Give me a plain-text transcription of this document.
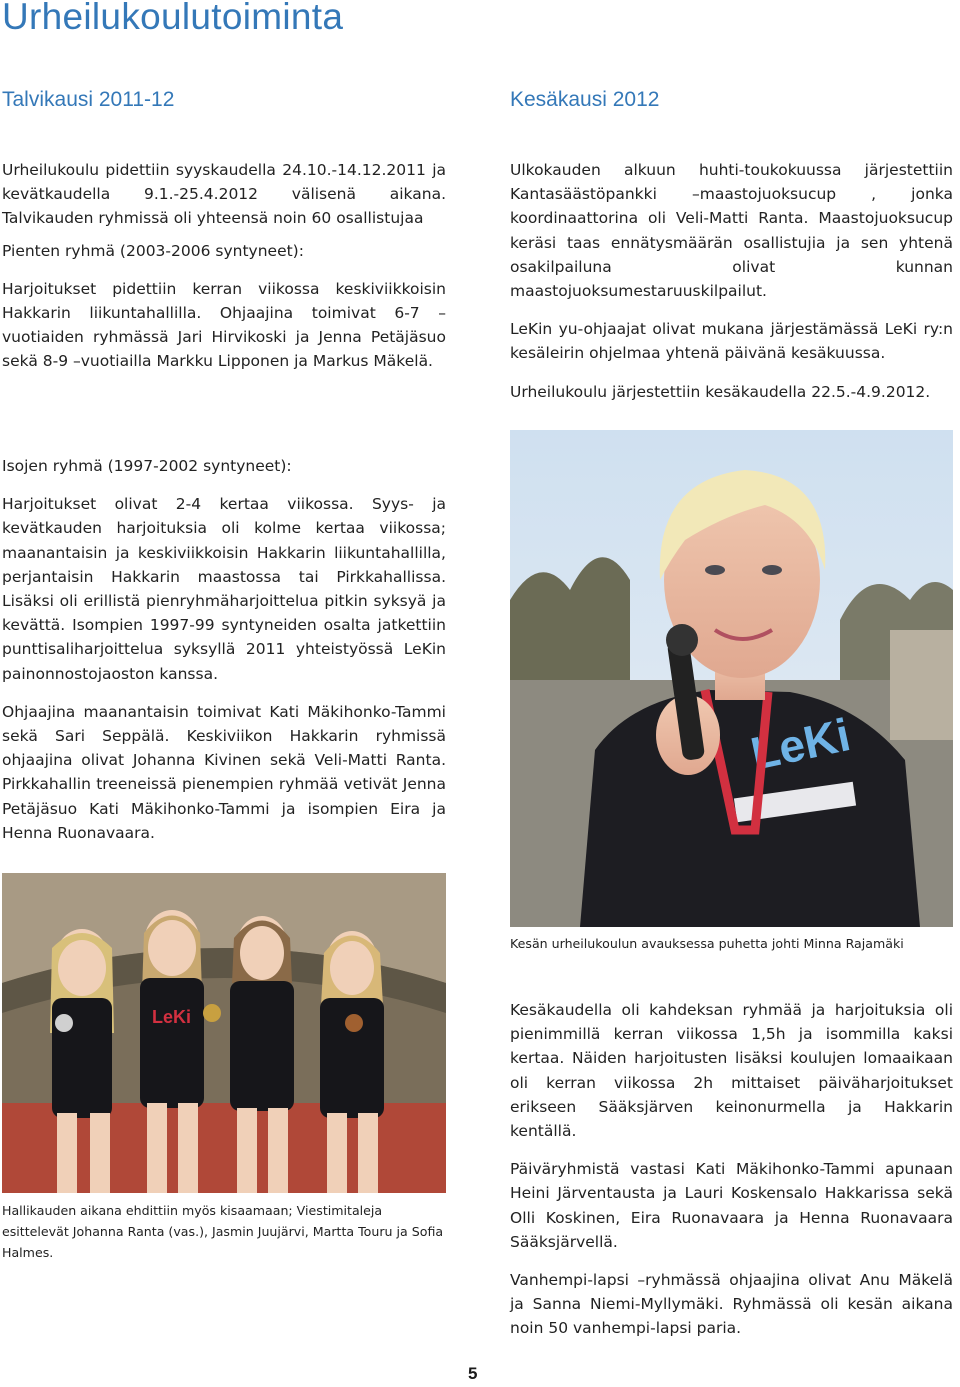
Urheilukoulutoiminta
Talvikausi 2011-12	Kesäkausi 2012

Urheilukoulu pidettiin syyskaudella 24.10.-14.12.2011 ja kevätkaudella 9.1.-25.4.2012 välisenä aikana. Talvikauden ryhmissä oli yhteensä noin 60 osallistujaa

Pienten ryhmä (2003-2006 syntyneet):

Harjoitukset pidettiin kerran viikossa keskiviikkoisin Hakkarin liikuntahallilla. Ohjaajina toimivat 6-7 –vuotiaiden ryhmässä Jari Hirvikoski ja Jenna Petäjäsuo sekä 8-9 –vuotiailla Markku Lipponen ja Markus Mäkelä.

Isojen ryhmä (1997-2002 syntyneet):

Harjoitukset olivat 2-4 kertaa viikossa. Syys- ja kevätkauden harjoituksia oli kolme kertaa viikossa; maanantaisin ja keskiviikkoisin Hakkarin liikuntahallilla, perjantaisin Hakkarin maastossa tai Pirkkahallissa. Lisäksi oli erillistä pienryhmäharjoittelua pitkin syksyä ja kevättä. Isompien 1997-99 syntyneiden osalta jatkettiin punttisaliharjoittelua syksyllä 2011 yhteistyössä LeKin painonnostojaoston kanssa.

Ohjaajina maanantaisin toimivat Kati Mäkihonko-Tammi sekä Sari Seppälä. Keskiviikon Hakkarin ryhmissä ohjaajina olivat Johanna Kivinen sekä Veli-Matti Ranta. Pirkkahallin treeneissä pienempien ryhmää vetivät Jenna Petäjäsuo Kati Mäkihonko-Tammi ja isompien Eira ja Henna Ruonavaara.

Ulkokauden alkuun huhti-toukokuussa järjestettiin Kantasäästöpankki –maastojuoksucup , jonka koordinaattorina oli Veli-Matti Ranta. Maastojuoksucup keräsi taas ennätysmäärän osallistujia ja sen yhtenä osakilpailuna olivat kunnan maastojuoksumestaruuskilpailut.

LeKin yu-ohjaajat olivat mukana järjestämässä LeKi ry:n kesäleirin ohjelmaa yhtenä päivänä kesäkuussa.

Urheilukoulu järjestettiin kesäkaudella 22.5.-4.9.2012.

LeKi
Kesän urheilukoulun avauksessa puhetta johti Minna Rajamäki

Kesäkaudella oli kahdeksan ryhmää ja harjoituksia oli pienimmillä kerran viikossa 1,5h ja isommilla kaksi kertaa. Näiden harjoitusten lisäksi koulujen lomaaikaan oli kerran viikossa 2h mittaiset päiväharjoitukset erikseen Sääksjärven keinonurmella ja Hakkarin kentällä.

Päiväryhmistä vastasi Kati Mäkihonko-Tammi apunaan Heini Järventausta ja Lauri Koskensalo Hakkarissa sekä Olli Koskinen, Eira Ruonavaara ja Henna Ruonavaara Sääksjärvellä.

Vanhempi-lapsi –ryhmässä ohjaajina olivat Anu Mäkelä ja Sanna Niemi-Myllymäki. Ryhmässä oli kesän aikana noin 50 vanhempi-lapsi paria.

LeKi
Hallikauden aikana ehdittiin myös kisaamaan; Viestimitaleja esittelevät Johanna Ranta (vas.), Jasmin Juujärvi, Martta Touru ja Sofia Halmes.
5
